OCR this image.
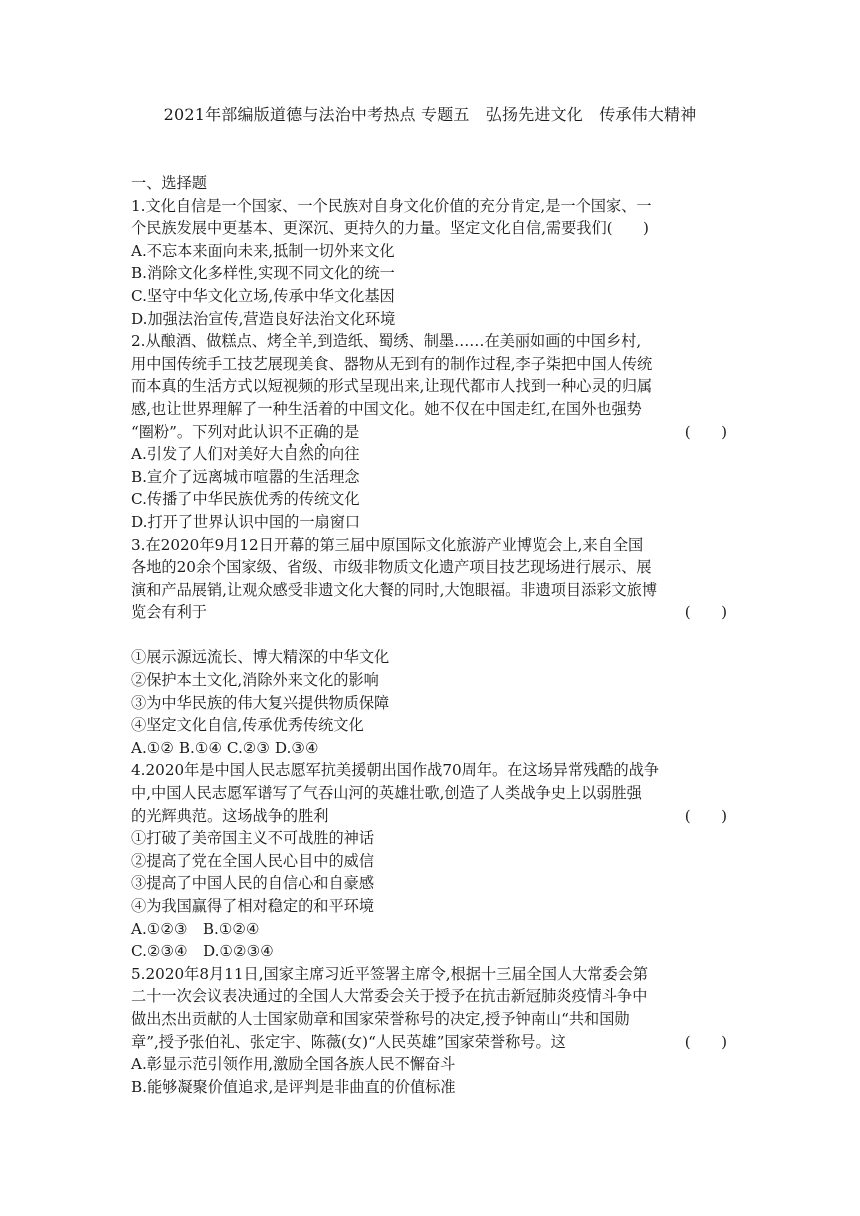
2021年部编版道德与法治中考热点 专题五　弘扬先进文化　传承伟大精神
一、选择题
1.文化自信是一个国家、一个民族对自身文化价值的充分肯定,是一个国家、一
个民族发展中更基本、更深沉、更持久的力量。坚定文化自信,需要我们(　　)
A.不忘本来面向未来,抵制一切外来文化
B.消除文化多样性,实现不同文化的统一
C.坚守中华文化立场,传承中华文化基因
D.加强法治宣传,营造良好法治文化环境
2.从酿酒、做糕点、烤全羊,到造纸、蜀绣、制墨……在美丽如画的中国乡村,
用中国传统手工技艺展现美食、器物从无到有的制作过程,李子柒把中国人传统
而本真的生活方式以短视频的形式呈现出来,让现代都市人找到一种心灵的归属
感,也让世界理解了一种生活着的中国文化。她不仅在中国走红,在国外也强势
“圈粉”。下列对此认识不正确的是	(　　)
A.引发了人们对美好大自然的向往
B.宣介了远离城市喧嚣的生活理念
C.传播了中华民族优秀的传统文化
D.打开了世界认识中国的一扇窗口
3.在2020年9月12日开幕的第三届中原国际文化旅游产业博览会上,来自全国
各地的20余个国家级、省级、市级非物质文化遗产项目技艺现场进行展示、展
演和产品展销,让观众感受非遗文化大餐的同时,大饱眼福。非遗项目添彩文旅博
览会有利于	(　　)
①展示源远流长、博大精深的中华文化
②保护本土文化,消除外来文化的影响
③为中华民族的伟大复兴提供物质保障
④坚定文化自信,传承优秀传统文化
A.①② B.①④ C.②③ D.③④
4.2020年是中国人民志愿军抗美援朝出国作战70周年。在这场异常残酷的战争
中,中国人民志愿军谱写了气吞山河的英雄壮歌,创造了人类战争史上以弱胜强
的光辉典范。这场战争的胜利	(　　)
①打破了美帝国主义不可战胜的神话
②提高了党在全国人民心目中的威信
③提高了中国人民的自信心和自豪感
④为我国赢得了相对稳定的和平环境
A.①②③　B.①②④
C.②③④　D.①②③④
5.2020年8月11日,国家主席习近平签署主席令,根据十三届全国人大常委会第
二十一次会议表决通过的全国人大常委会关于授予在抗击新冠肺炎疫情斗争中
做出杰出贡献的人士国家勋章和国家荣誉称号的决定,授予钟南山“共和国勋
章”,授予张伯礼、张定宇、陈薇(女)“人民英雄”国家荣誉称号。这	(　　)
A.彰显示范引领作用,激励全国各族人民不懈奋斗
B.能够凝聚价值追求,是评判是非曲直的价值标准
